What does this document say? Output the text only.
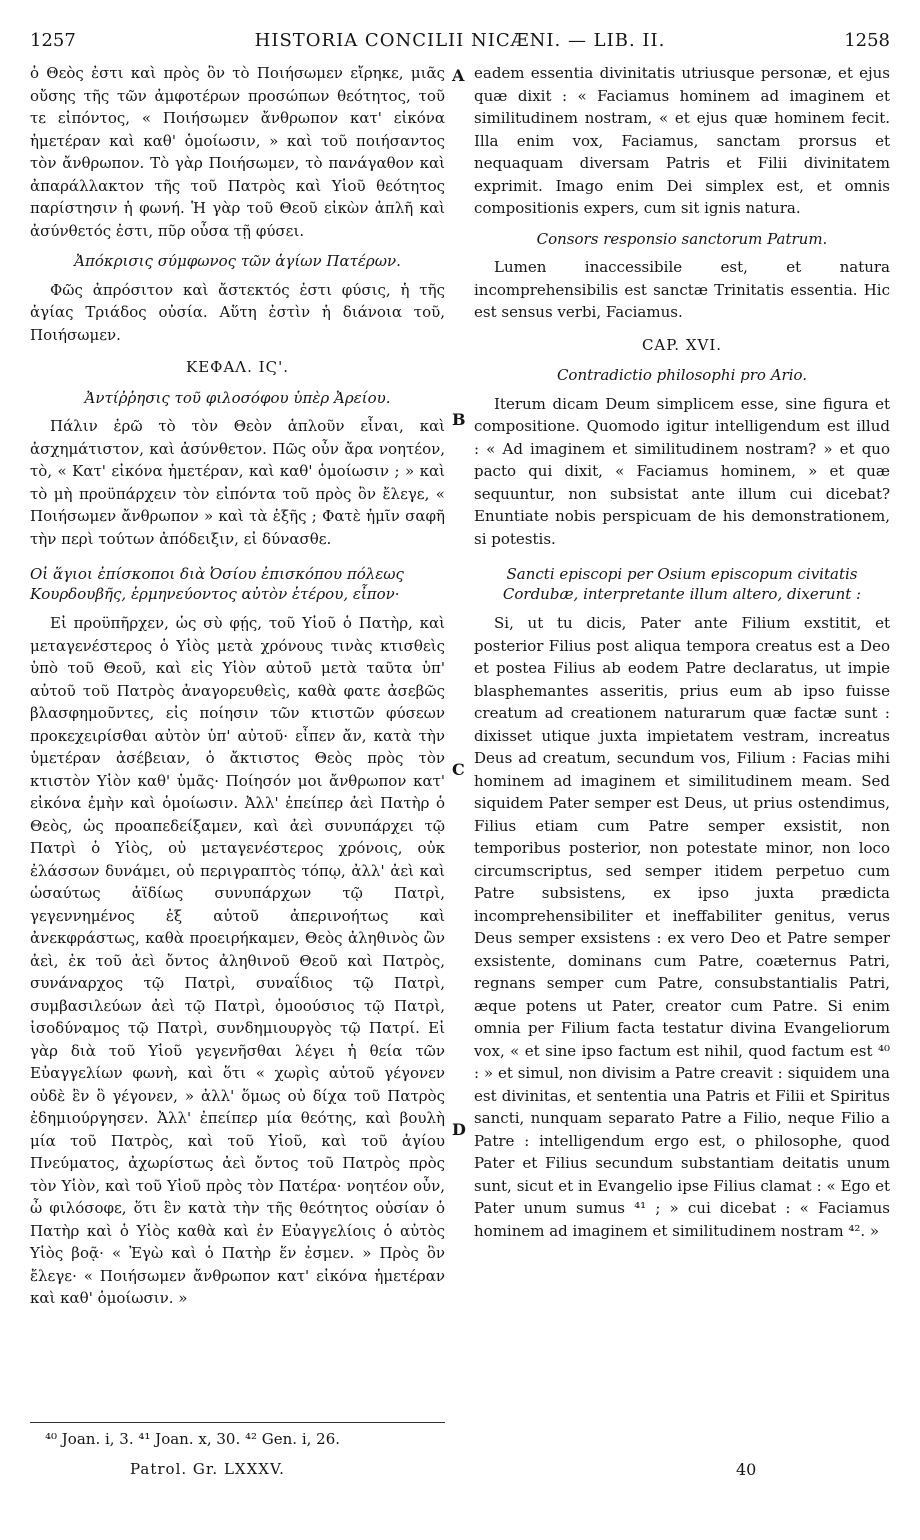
1257	HISTORIA CONCILII NICÆNI. — LIB. II.	1258

ὁ Θεὸς ἐστι καὶ πρὸς ὃν τὸ Ποιήσωμεν εἴρηκε, μιᾶς οὔσης τῆς τῶν ἀμφοτέρων προσώπων θεότητος, τοῦ τε εἰπόντος, « Ποιήσωμεν ἄνθρωπον κατ' εἰκόνα ἡμετέραν καὶ καθ' ὁμοίωσιν, » καὶ τοῦ ποιήσαντος τὸν ἄνθρωπον. Τὸ γὰρ Ποιήσωμεν, τὸ πανάγαθον καὶ ἀπαράλλακτον τῆς τοῦ Πατρὸς καὶ Υἱοῦ θεότητος παρίστησιν ἡ φωνή. Ἡ γὰρ τοῦ Θεοῦ εἰκὼν ἁπλῆ καὶ ἀσύνθετός ἐστι, πῦρ οὖσα τῇ φύσει.

Ἀπόκρισις σύμφωνος τῶν ἁγίων Πατέρων.

Φῶς ἀπρόσιτον καὶ ἄστεκτός ἐστι φύσις, ἡ τῆς ἁγίας Τριάδος οὐσία. Αὕτη ἐστὶν ἡ διάνοια τοῦ, Ποιήσωμεν.

ΚΕΦΑΛ. ΙϚ'.
Ἀντίῤῥησις τοῦ φιλοσόφου ὑπὲρ Ἀρείου.

Πάλιν ἐρῶ τὸ τὸν Θεὸν ἁπλοῦν εἶναι, καὶ ἀσχημάτιστον, καὶ ἀσύνθετον. Πῶς οὖν ἄρα νοητέον, τὸ, « Κατ' εἰκόνα ἡμετέραν, καὶ καθ' ὁμοίωσιν ; » καὶ τὸ μὴ προϋπάρχειν τὸν εἰπόντα τοῦ πρὸς ὃν ἔλεγε, « Ποιήσωμεν ἄνθρωπον » καὶ τὰ ἑξῆς ; Φατὲ ἡμῖν σαφῆ τὴν περὶ τούτων ἀπόδειξιν, εἰ δύνασθε.

Οἱ ἅγιοι ἐπίσκοποι διὰ Ὀσίου ἐπισκόπου πόλεως Κουρδουβῆς, ἑρμηνεύοντος αὐτὸν ἑτέρου, εἶπον·

Εἰ προϋπῆρχεν, ὡς σὺ φῄς, τοῦ Υἱοῦ ὁ Πατὴρ, καὶ μεταγενέστερος ὁ Υἱὸς μετὰ χρόνους τινὰς κτισθεὶς ὑπὸ τοῦ Θεοῦ, καὶ εἰς Υἱὸν αὐτοῦ μετὰ ταῦτα ὑπ' αὐτοῦ τοῦ Πατρὸς ἀναγορευθεὶς, καθὰ φατε ἀσεβῶς βλασφημοῦντες, εἰς ποίησιν τῶν κτιστῶν φύσεων προκεχειρίσθαι αὐτὸν ὑπ' αὐτοῦ· εἶπεν ἄν, κατὰ τὴν ὑμετέραν ἀσέβειαν, ὁ ἄκτιστος Θεὸς πρὸς τὸν κτιστὸν Υἱὸν καθ' ὑμᾶς· Ποίησόν μοι ἄνθρωπον κατ' εἰκόνα ἐμὴν καὶ ὁμοίωσιν. Ἀλλ' ἐπείπερ ἀεὶ Πατὴρ ὁ Θεὸς, ὡς προαπεδείξαμεν, καὶ ἀεὶ συνυπάρχει τῷ Πατρὶ ὁ Υἱὸς, οὐ μεταγενέστερος χρόνοις, οὐκ ἐλάσσων δυνάμει, οὐ περιγραπτὸς τόπῳ, ἀλλ' ἀεὶ καὶ ὡσαύτως ἀϊδίως συνυπάρχων τῷ Πατρὶ, γεγεννημένος ἐξ αὐτοῦ ἀπερινοήτως καὶ ἀνεκφράστως, καθὰ προειρήκαμεν, Θεὸς ἀληθινὸς ὢν ἀεὶ, ἐκ τοῦ ἀεὶ ὄντος ἀληθινοῦ Θεοῦ καὶ Πατρὸς, συνάναρχος τῷ Πατρὶ, συναΐδιος τῷ Πατρὶ, συμβασιλεύων ἀεὶ τῷ Πατρὶ, ὁμοούσιος τῷ Πατρὶ, ἰσοδύναμος τῷ Πατρὶ, συνδημιουργὸς τῷ Πατρί. Εἰ γὰρ διὰ τοῦ Υἱοῦ γεγενῆσθαι λέγει ἡ θεία τῶν Εὐαγγελίων φωνὴ, καὶ ὅτι « χωρὶς αὐτοῦ γέγονεν οὐδὲ ἓν ὃ γέγονεν, » ἀλλ' ὅμως οὐ δίχα τοῦ Πατρὸς ἐδημιούργησεν. Ἀλλ' ἐπείπερ μία θεότης, καὶ βουλὴ μία τοῦ Πατρὸς, καὶ τοῦ Υἱοῦ, καὶ τοῦ ἁγίου Πνεύματος, ἀχωρίστως ἀεὶ ὄντος τοῦ Πατρὸς πρὸς τὸν Υἱὸν, καὶ τοῦ Υἱοῦ πρὸς τὸν Πατέρα· νοητέον οὖν, ὦ φιλόσοφε, ὅτι ἓν κατὰ τὴν τῆς θεότητος οὐσίαν ὁ Πατὴρ καὶ ὁ Υἱὸς καθὰ καὶ ἐν Εὐαγγελίοις ὁ αὐτὸς Υἱὸς βοᾷ· « Ἐγὼ καὶ ὁ Πατὴρ ἕν ἐσμεν. » Πρὸς ὃν ἔλεγε· « Ποιήσωμεν ἄνθρωπον κατ' εἰκόνα ἡμετέραν καὶ καθ' ὁμοίωσιν. »

eadem essentia divinitatis utriusque personæ, et ejus quæ dixit : « Faciamus hominem ad imaginem et similitudinem nostram, « et ejus quæ hominem fecit. Illa enim vox, Faciamus, sanctam prorsus et nequaquam diversam Patris et Filii divinitatem exprimit. Imago enim Dei simplex est, et omnis compositionis expers, cum sit ignis natura.

Consors responsio sanctorum Patrum.

Lumen inaccessibile est, et natura incomprehensibilis est sanctæ Trinitatis essentia. Hic est sensus verbi, Faciamus.

CAP. XVI.
Contradictio philosophi pro Ario.

Iterum dicam Deum simplicem esse, sine figura et compositione. Quomodo igitur intelligendum est illud : « Ad imaginem et similitudinem nostram? » et quo pacto qui dixit, « Faciamus hominem, » et quæ sequuntur, non subsistat ante illum cui dicebat? Enuntiate nobis perspicuam de his demonstrationem, si potestis.

Sancti episcopi per Osium episcopum civitatis Cordubæ, interpretante illum altero, dixerunt :

Si, ut tu dicis, Pater ante Filium exstitit, et posterior Filius post aliqua tempora creatus est a Deo et postea Filius ab eodem Patre declaratus, ut impie blasphemantes asseritis, prius eum ab ipso fuisse creatum ad creationem naturarum quæ factæ sunt : dixisset utique juxta impietatem vestram, increatus Deus ad creatum, secundum vos, Filium : Facias mihi hominem ad imaginem et similitudinem meam. Sed siquidem Pater semper est Deus, ut prius ostendimus, Filius etiam cum Patre semper exsistit, non temporibus posterior, non potestate minor, non loco circumscriptus, sed semper itidem perpetuo cum Patre subsistens, ex ipso juxta prædicta incomprehensibiliter et ineffabiliter genitus, verus Deus semper exsistens : ex vero Deo et Patre semper exsistente, dominans cum Patre, coæternus Patri, regnans semper cum Patre, consubstantialis Patri, æque potens ut Pater, creator cum Patre. Si enim omnia per Filium facta testatur divina Evangeliorum vox, « et sine ipso factum est nihil, quod factum est ⁴⁰ : » et simul, non divisim a Patre creavit : siquidem una est divinitas, et sententia una Patris et Filii et Spiritus sancti, nunquam separato Patre a Filio, neque Filio a Patre : intelligendum ergo est, o philosophe, quod Pater et Filius secundum substantiam deitatis unum sunt, sicut et in Evangelio ipse Filius clamat : « Ego et Pater unum sumus ⁴¹ ; » cui dicebat : « Faciamus hominem ad imaginem et similitudinem nostram ⁴². »

A
B
C
D
⁴⁰ Joan. i, 3. ⁴¹ Joan. x, 30. ⁴² Gen. i, 26.
Patrol. Gr. LXXXV.	40
